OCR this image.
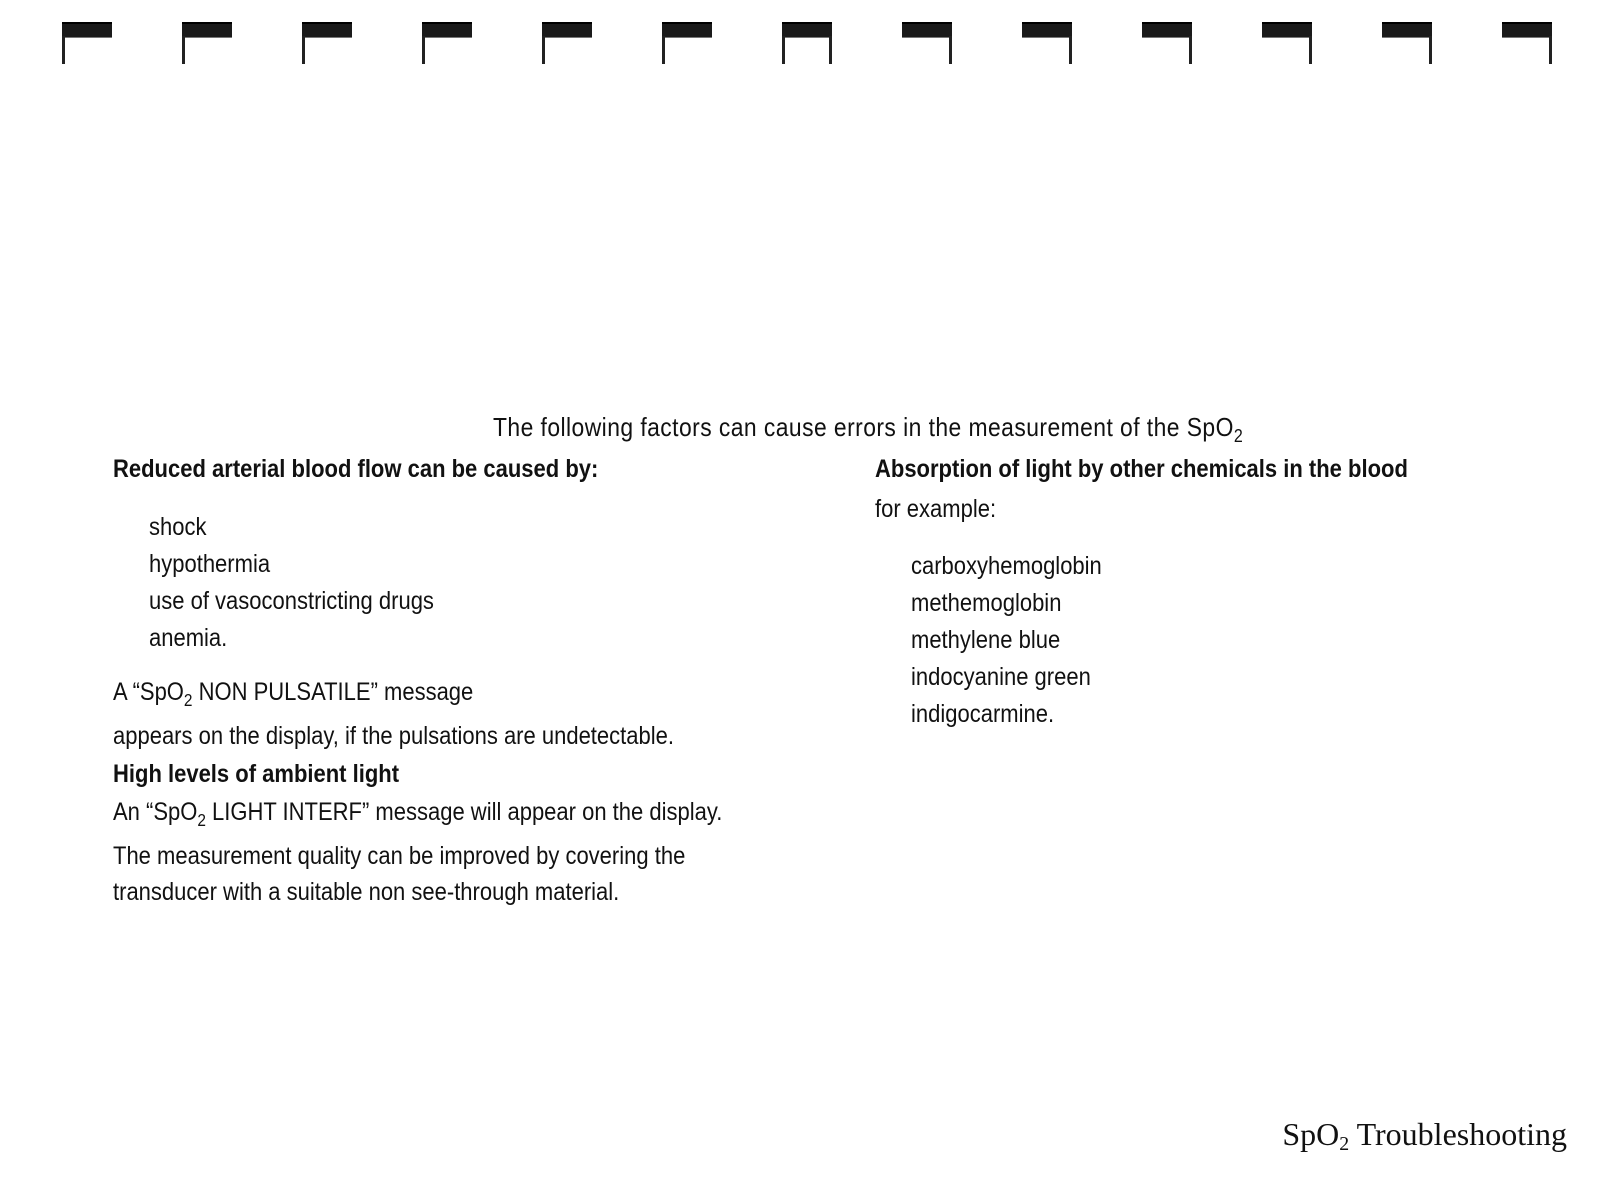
The following factors can cause errors in the measurement of the SpO$_2$
Reduced arterial blood flow can be caused by:
shock
hypothermia
use of vasoconstricting drugs
anemia.
A “SpO$_2$ NON PULSATILE” message
appears on the display, if the pulsations are undetectable.
High levels of ambient light
An “SpO$_2$ LIGHT INTERF” message will appear on the display.
The measurement quality can be improved by covering the
transducer with a suitable non see-through material.
Absorption of light by other chemicals in the blood
for example:
carboxyhemoglobin
methemoglobin
methylene blue
indocyanine green
indigocarmine.
SpO$_2$ Troubleshooting
